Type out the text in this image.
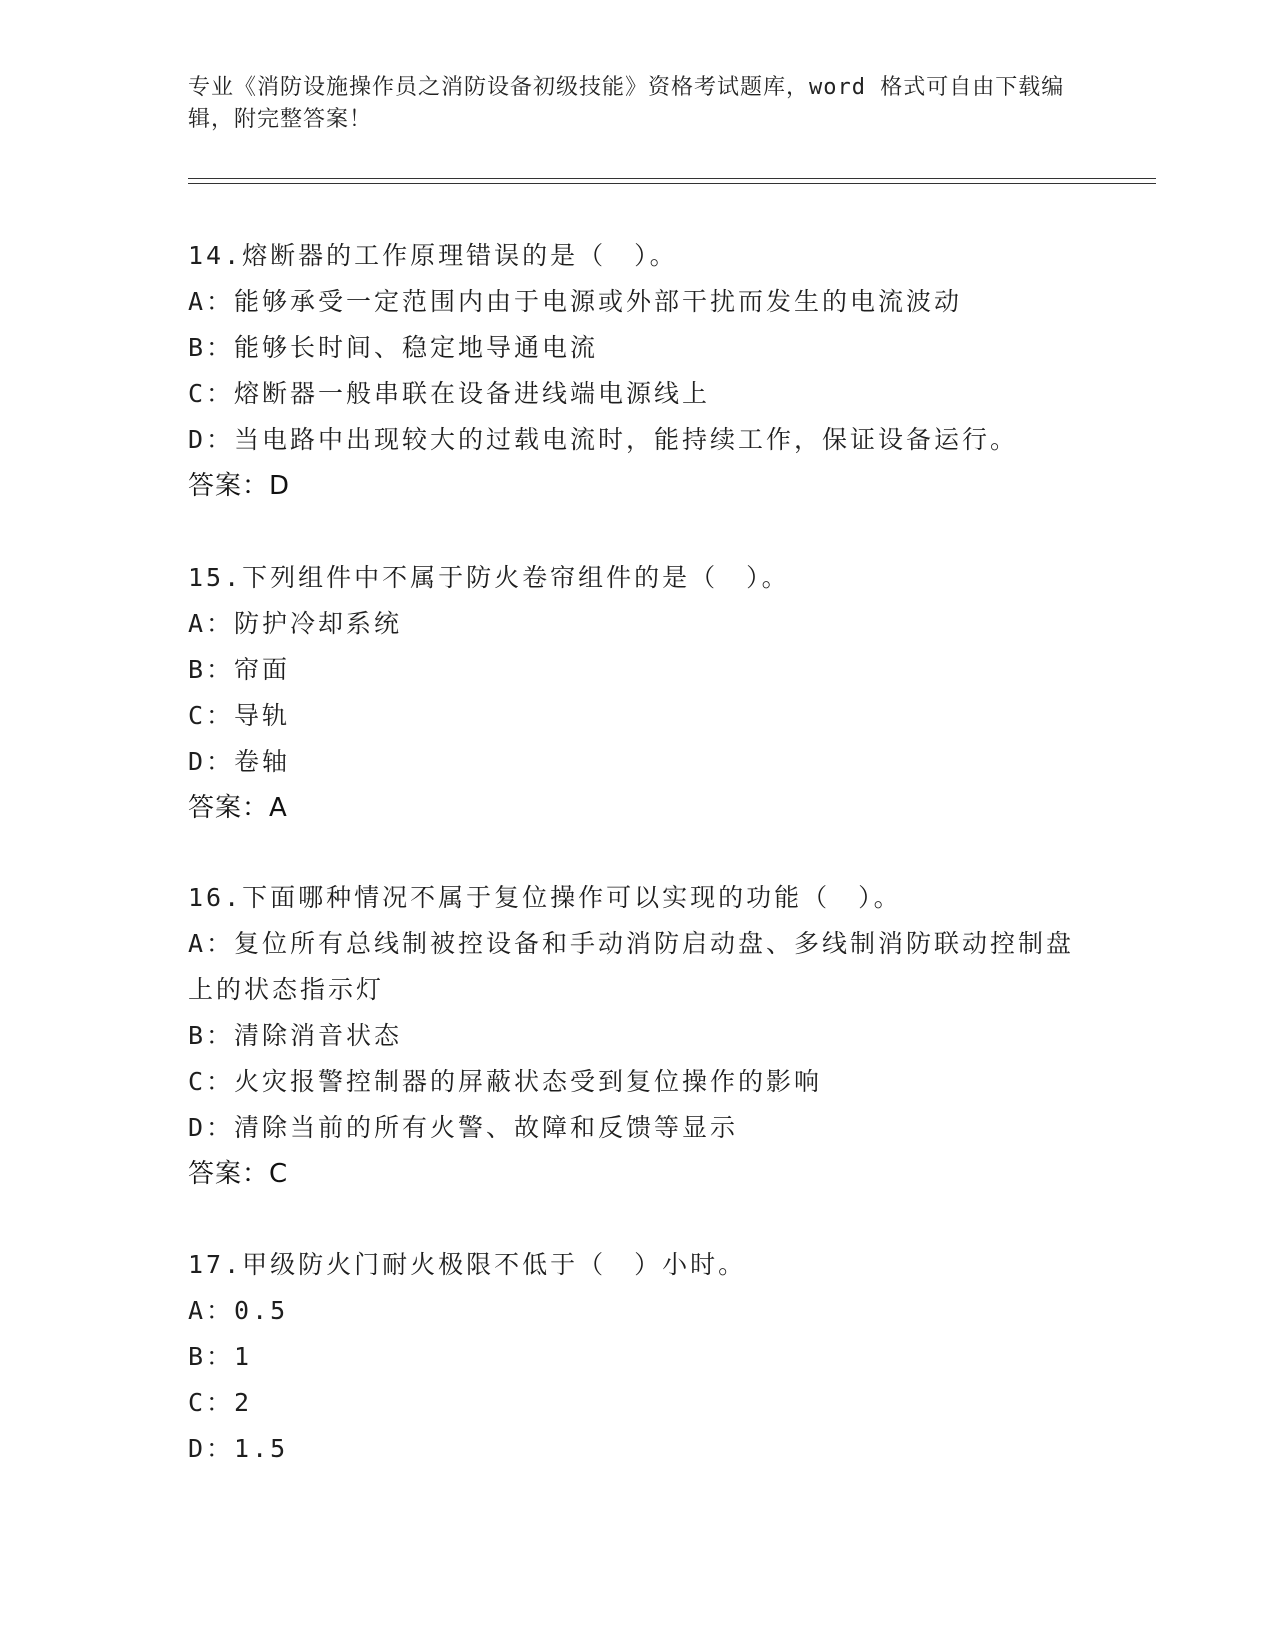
专业《消防设施操作员之消防设备初级技能》资格考试题库，word 格式可自由下载编辑，附完整答案！
14.熔断器的工作原理错误的是（　）。
A：能够承受一定范围内由于电源或外部干扰而发生的电流波动
B：能够长时间、稳定地导通电流
C：熔断器一般串联在设备进线端电源线上
D：当电路中出现较大的过载电流时，能持续工作，保证设备运行。
答案：D
15.下列组件中不属于防火卷帘组件的是（　）。
A：防护冷却系统
B：帘面
C：导轨
D：卷轴
答案：A
16.下面哪种情况不属于复位操作可以实现的功能（　）。
A：复位所有总线制被控设备和手动消防启动盘、多线制消防联动控制盘上的状态指示灯
B：清除消音状态
C：火灾报警控制器的屏蔽状态受到复位操作的影响
D：清除当前的所有火警、故障和反馈等显示
答案：C
17.甲级防火门耐火极限不低于（　）小时。
A：0.5
B：1
C：2
D：1.5
